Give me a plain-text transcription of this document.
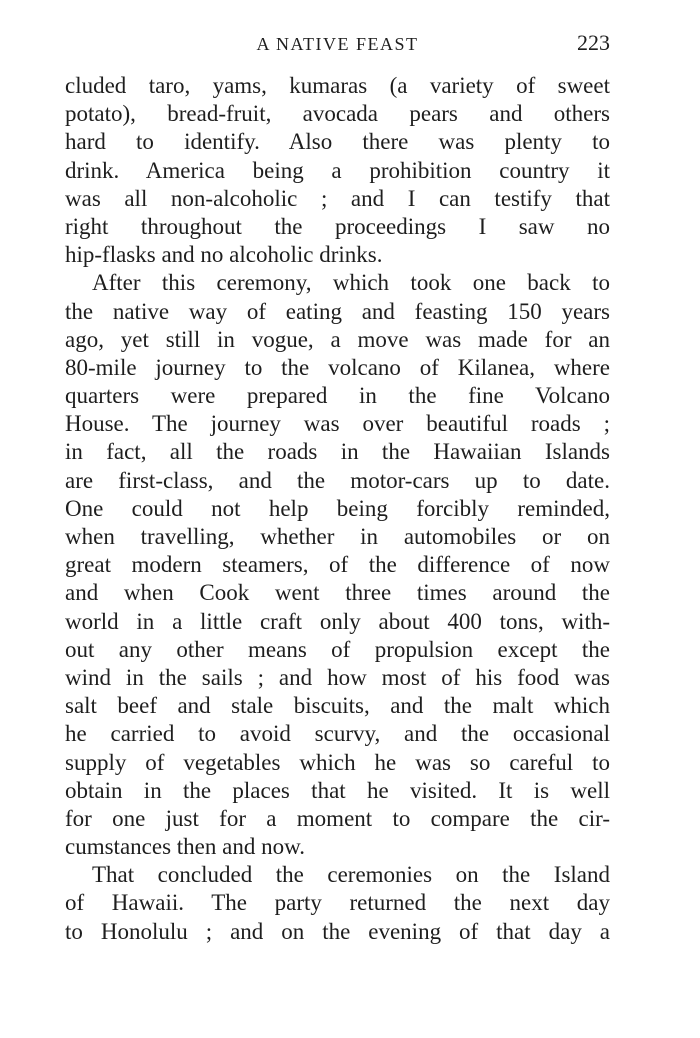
A NATIVE FEAST	223
cluded taro, yams, kumaras (a variety of sweet
potato), bread-fruit, avocada pears and others
hard to identify. Also there was plenty to
drink. America being a prohibition country it
was all non-alcoholic ; and I can testify that
right throughout the proceedings I saw no
hip-flasks and no alcoholic drinks.
After this ceremony, which took one back to
the native way of eating and feasting 150 years
ago, yet still in vogue, a move was made for an
80-mile journey to the volcano of Kilanea, where
quarters were prepared in the fine Volcano
House. The journey was over beautiful roads ;
in fact, all the roads in the Hawaiian Islands
are first-class, and the motor-cars up to date.
One could not help being forcibly reminded,
when travelling, whether in automobiles or on
great modern steamers, of the difference of now
and when Cook went three times around the
world in a little craft only about 400 tons, with-
out any other means of propulsion except the
wind in the sails ; and how most of his food was
salt beef and stale biscuits, and the malt which
he carried to avoid scurvy, and the occasional
supply of vegetables which he was so careful to
obtain in the places that he visited. It is well
for one just for a moment to compare the cir-
cumstances then and now.
That concluded the ceremonies on the Island
of Hawaii. The party returned the next day
to Honolulu ; and on the evening of that day a
